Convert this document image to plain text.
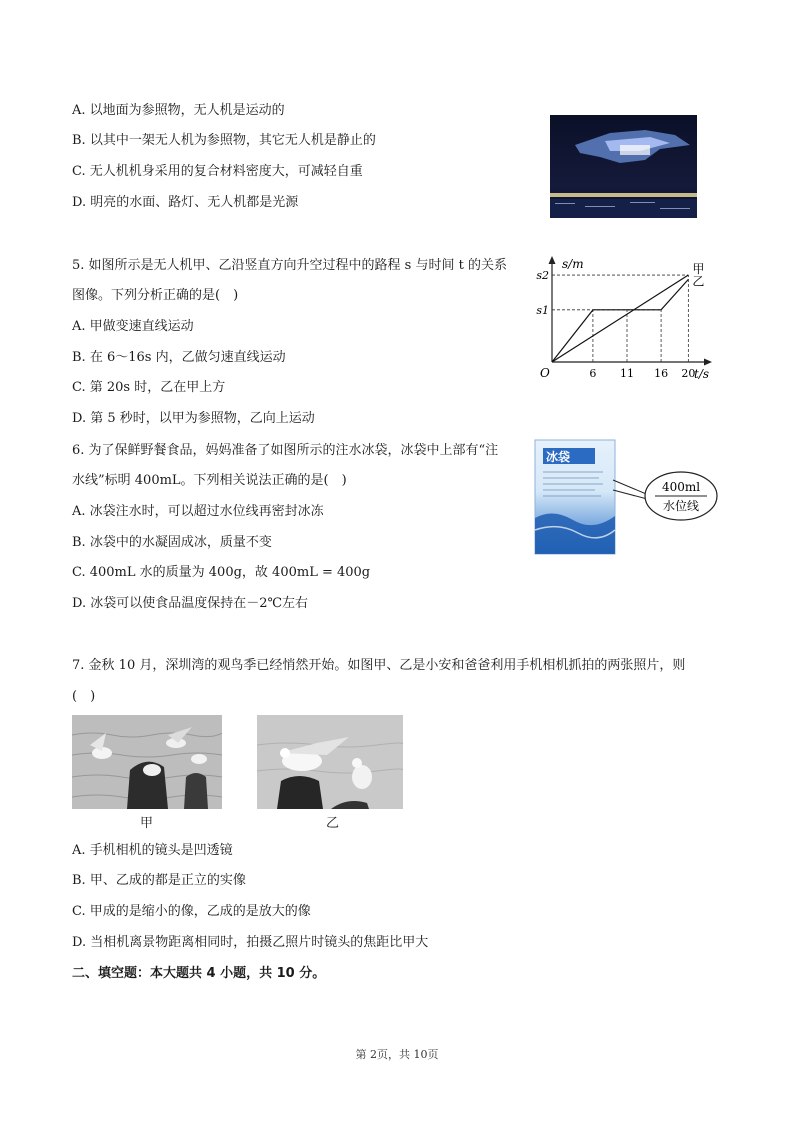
A. 以地面为参照物，无人机是运动的
B. 以其中一架无人机为参照物，其它无人机是静止的
C. 无人机机身采用的复合材料密度大，可减轻自重
D. 明亮的水面、路灯、无人机都是光源
5. 如图所示是无人机甲、乙沿竖直方向升空过程中的路程 s 与时间 t 的关系
图像。下列分析正确的是(　)
A. 甲做变速直线运动
B. 在 6～16s 内，乙做匀速直线运动
C. 第 20s 时，乙在甲上方
D. 第 5 秒时，以甲为参照物，乙向上运动
s/m
t/s
O	6 11 16 20
s1
s2	甲
乙
6. 为了保鲜野餐食品，妈妈准备了如图所示的注水冰袋，冰袋中上部有“注
水线”标明 400mL。下列相关说法正确的是(　)
A. 冰袋注水时，可以超过水位线再密封冰冻
B. 冰袋中的水凝固成冰，质量不变
C. 400mL 水的质量为 400g，故 400mL = 400g
D. 冰袋可以使食品温度保持在－2℃左右
冰袋
400ml
水位线
7. 金秋 10 月，深圳湾的观鸟季已经悄然开始。如图甲、乙是小安和爸爸利用手机相机抓拍的两张照片，则
(　)
甲	乙
A. 手机相机的镜头是凹透镜
B. 甲、乙成的都是正立的实像
C. 甲成的是缩小的像，乙成的是放大的像
D. 当相机离景物距离相同时，拍摄乙照片时镜头的焦距比甲大
二、填空题：本大题共 4 小题，共 10 分。
第 2页，共 10页
